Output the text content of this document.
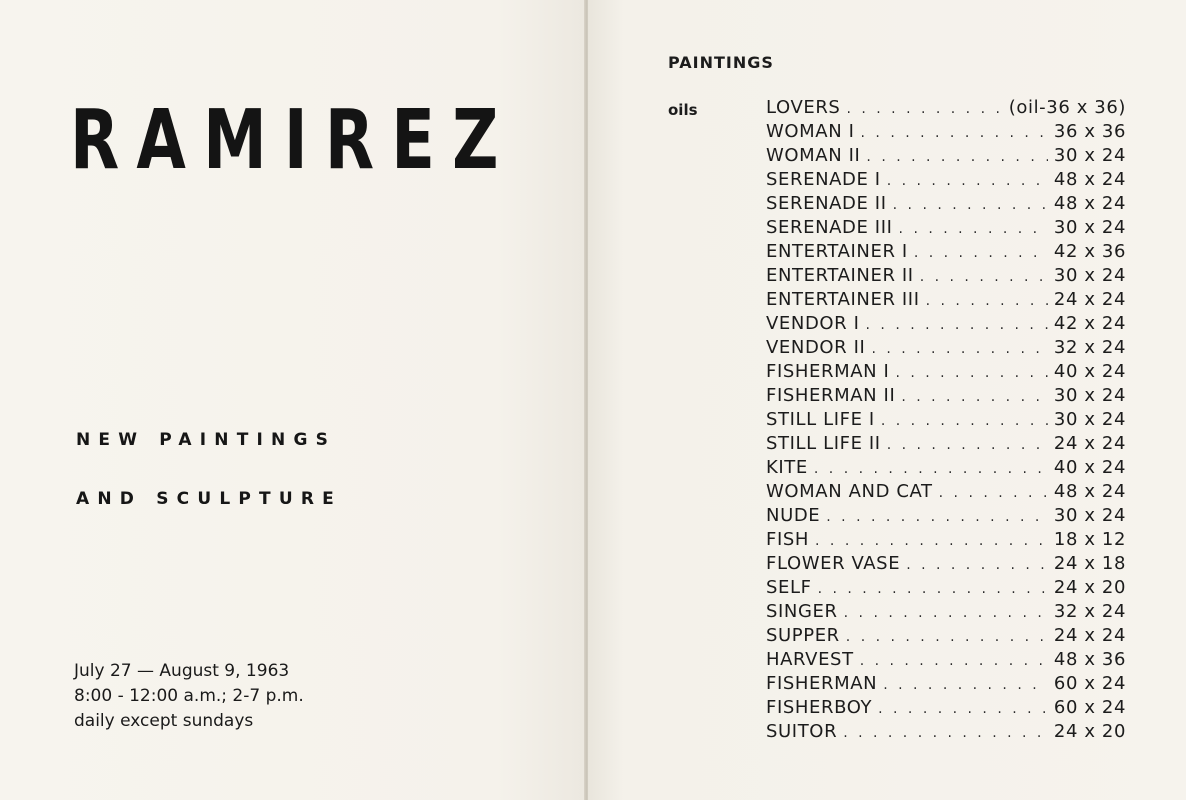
RAMIREZ
NEW PAINTINGS
AND SCULPTURE
July 27 — August 9, 1963
8:00 - 12:00 a.m.; 2-7 p.m.
daily except sundays
PAINTINGS
oils	LOVERS . . .	(oil-36 x 36)
WOMAN I . . .	36 x 36
WOMAN II . . .	30 x 24
SERENADE I . . .	48 x 24
SERENADE II . . .	48 x 24
SERENADE III . . .	30 x 24
ENTERTAINER I . . .	42 x 36
ENTERTAINER II . . .	30 x 24
ENTERTAINER III . . .	24 x 24
VENDOR I . . .	42 x 24
VENDOR II . . .	32 x 24
FISHERMAN I . . .	40 x 24
FISHERMAN II . . .	30 x 24
STILL LIFE I . . .	30 x 24
STILL LIFE II . . .	24 x 24
KITE . . .	40 x 24
WOMAN AND CAT . . .	48 x 24
NUDE . . .	30 x 24
FISH . . .	18 x 12
FLOWER VASE . . .	24 x 18
SELF . . .	24 x 20
SINGER . . .	32 x 24
SUPPER . . .	24 x 24
HARVEST . . .	48 x 36
FISHERMAN . . .	60 x 24
FISHERBOY . . .	60 x 24
SUITOR . . .	24 x 20
